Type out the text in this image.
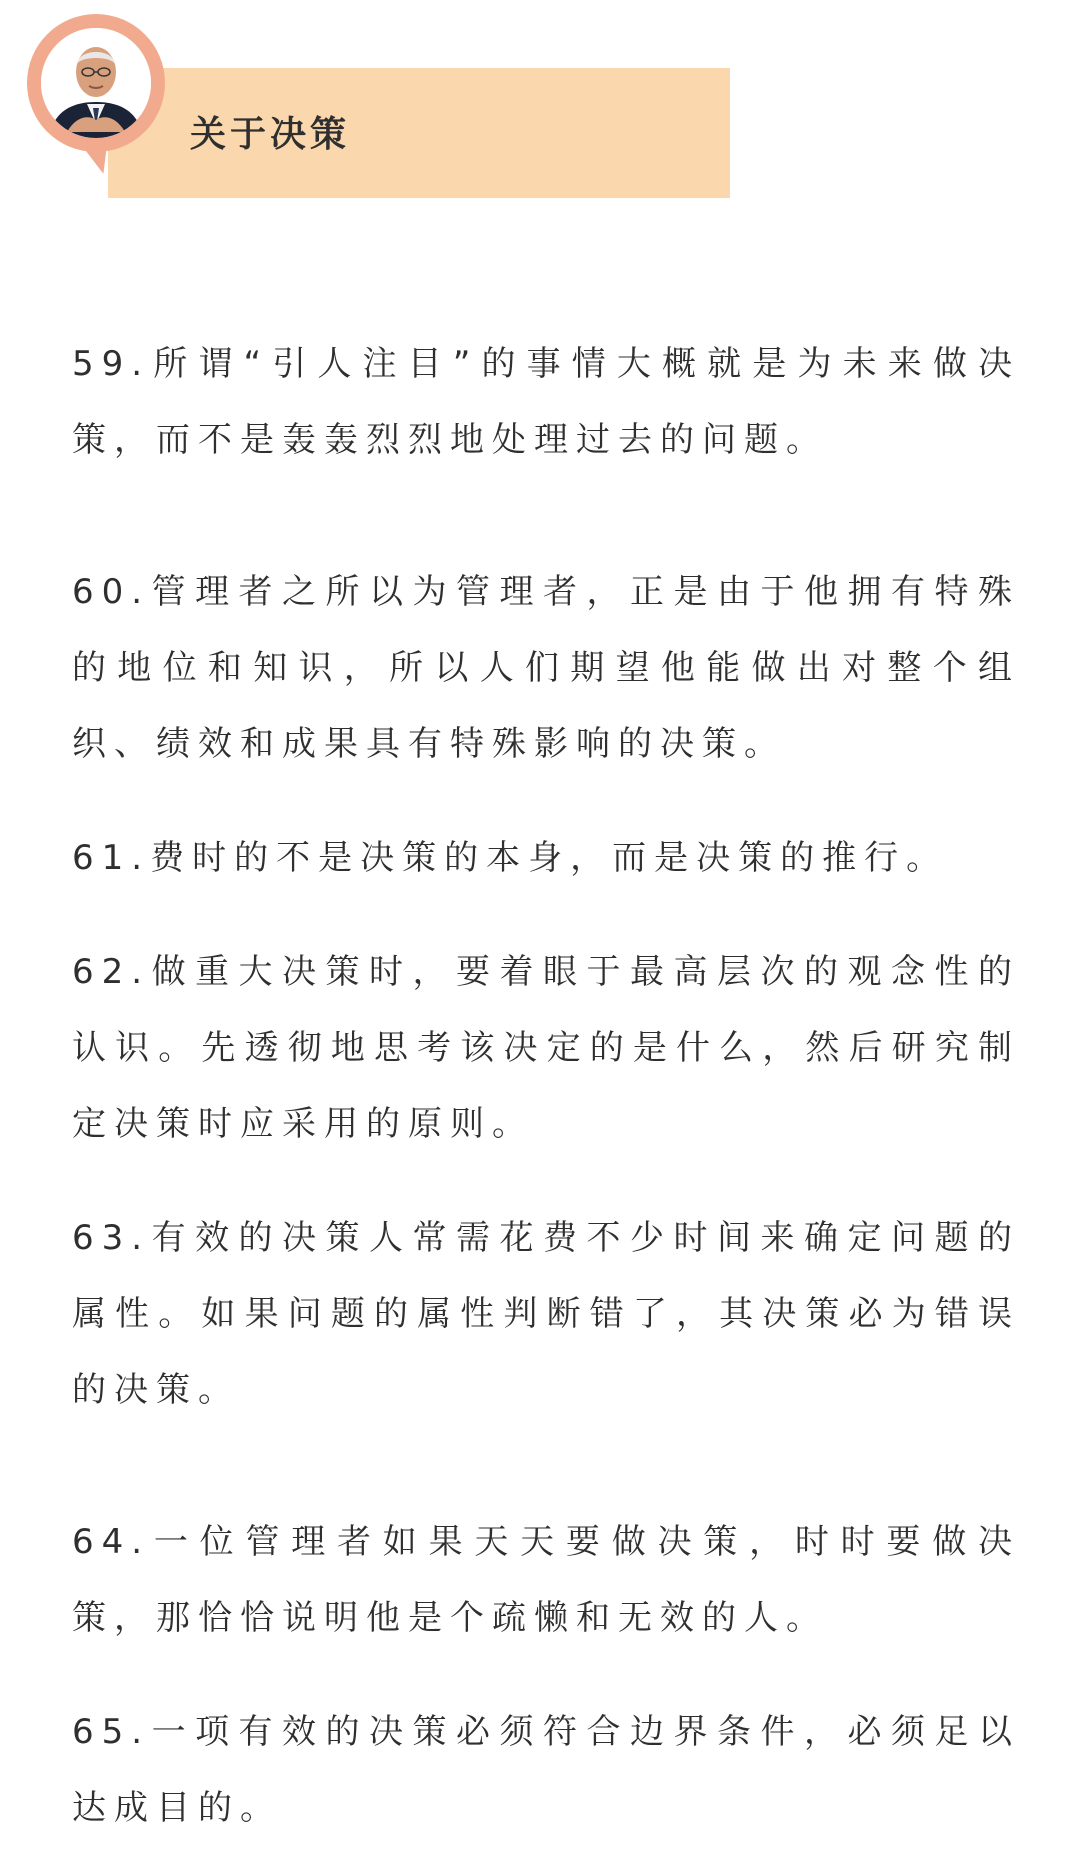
关于决策

59.所谓“引人注目”的事情大概就是为未来做决策，而不是轰轰烈烈地处理过去的问题。

60.管理者之所以为管理者，正是由于他拥有特殊的地位和知识，所以人们期望他能做出对整个组织、绩效和成果具有特殊影响的决策。

61.费时的不是决策的本身，而是决策的推行。

62.做重大决策时，要着眼于最高层次的观念性的认识。先透彻地思考该决定的是什么，然后研究制定决策时应采用的原则。

63.有效的决策人常需花费不少时间来确定问题的属性。如果问题的属性判断错了，其决策必为错误的决策。

64.一位管理者如果天天要做决策，时时要做决策，那恰恰说明他是个疏懒和无效的人。

65.一项有效的决策必须符合边界条件，必须足以达成目的。
